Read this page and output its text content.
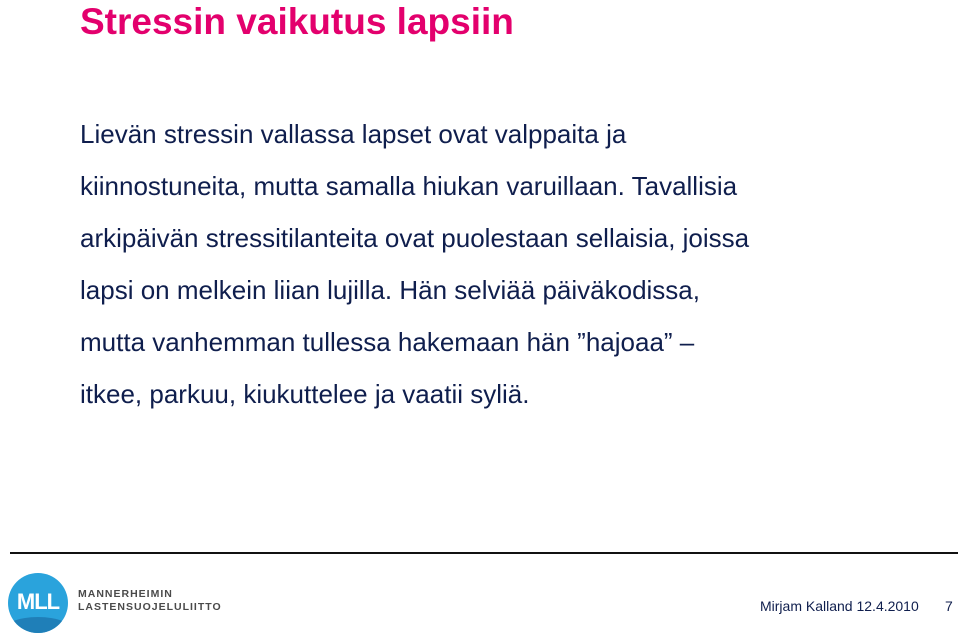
Stressin vaikutus lapsiin
Lievän stressin vallassa lapset ovat valppaita ja
kiinnostuneita, mutta samalla hiukan varuillaan. Tavallisia
arkipäivän stressitilanteita ovat puolestaan sellaisia, joissa
lapsi on melkein liian lujilla. Hän selviää päiväkodissa,
mutta vanhemman tullessa hakemaan hän ”hajoaa” –
itkee, parkuu, kiukuttelee ja vaatii syliä.
MLL	MANNERHEIMIN
LASTENSUOJELULIITTO	Mirjam Kalland 12.4.2010 7
